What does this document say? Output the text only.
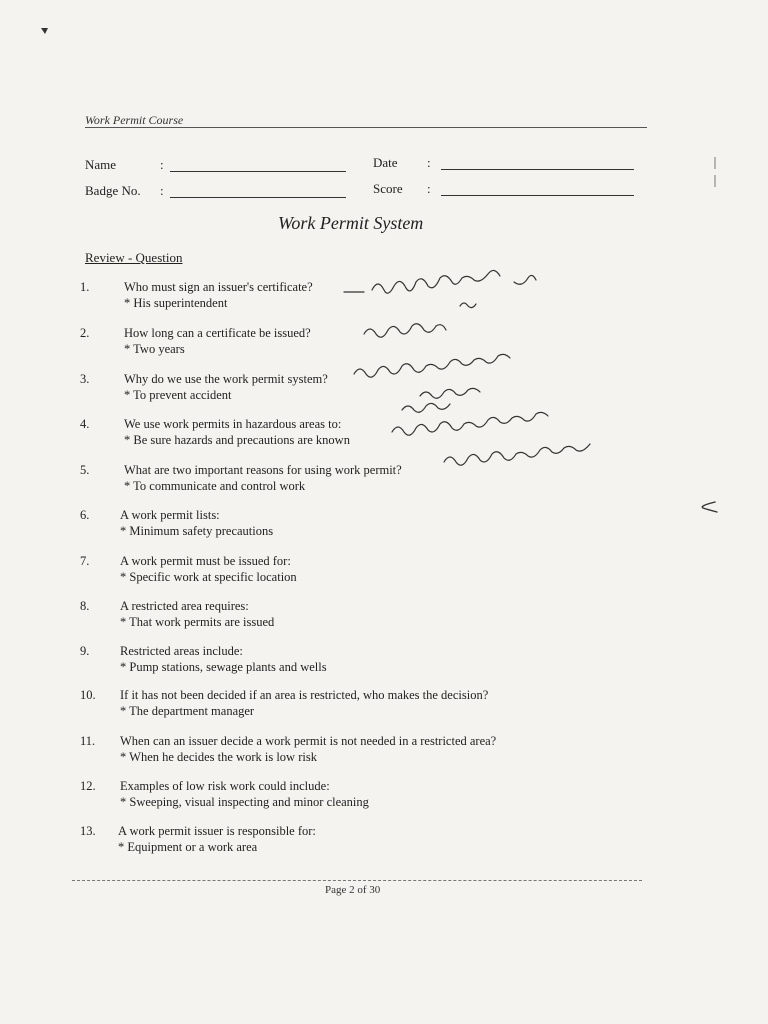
Work Permit Course
Name	:
Badge No. :
Date :
Score :
Work Permit System
Review - Question
1.	Who must sign an issuer's certificate?
* His superintendent
2.	How long can a certificate be issued?
* Two years
3.	Why do we use the work permit system?
* To prevent accident
4.	We use work permits in hazardous areas to:
* Be sure hazards and precautions are known
5.	What are two important reasons for using work permit?
* To communicate and control work
6.	A work permit lists:
* Minimum safety precautions
7.	A work permit must be issued for:
* Specific work at specific location
8.	A restricted area requires:
* That work permits are issued
9.	Restricted areas include:
* Pump stations, sewage plants and wells
10.	If it has not been decided if an area is restricted, who makes the decision?
* The department manager
11.	When can an issuer decide a work permit is not needed in a restricted area?
* When he decides the work is low risk
12.	Examples of low risk work could include:
* Sweeping, visual inspecting and minor cleaning
13.	A work permit issuer is responsible for:
* Equipment or a work area
Page 2 of 30
